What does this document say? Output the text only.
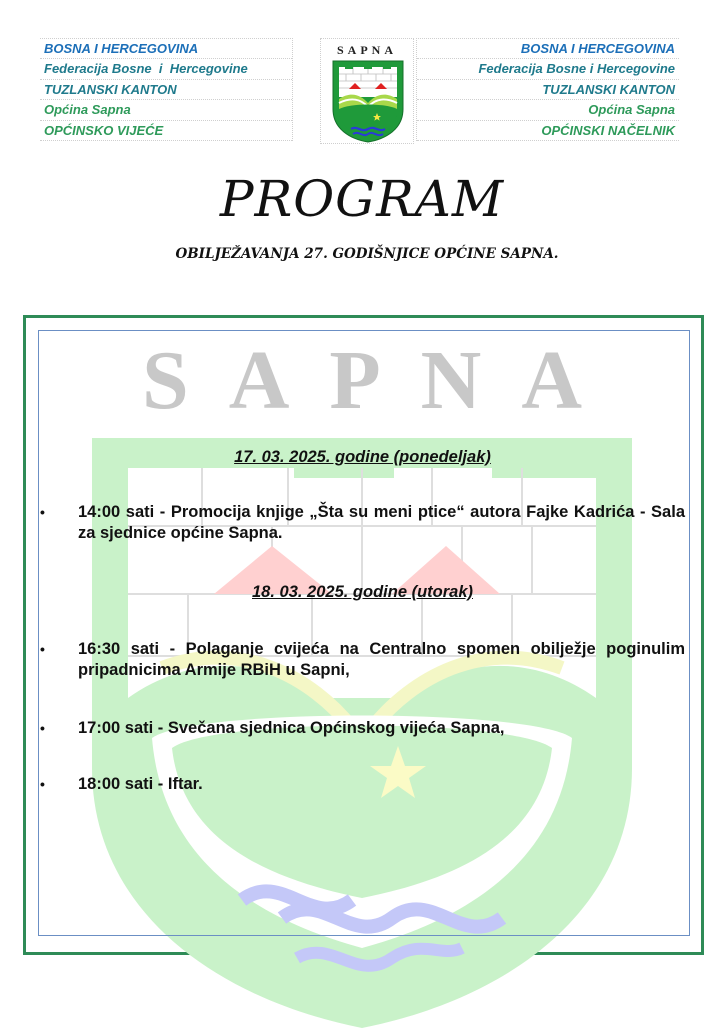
BOSNA I HERCEGOVINA
Federacija Bosne  i  Hercegovine
TUZLANSKI KANTON
Općina Sapna
OPĆINSKO VIJEĆE
SAPNA	BOSNA I HERCEGOVINA
Federacija Bosne i Hercegovine
TUZLANSKI KANTON
Općina Sapna
OPĆINSKI NAČELNIK
PROGRAM
OBILJEŽAVANJA 27. GODIŠNJICE OPĆINE SAPNA.
SAPNA
17. 03. 2025. godine (ponedeljak)
• 14:00 sati - Promocija knjige „Šta su meni ptice“ autora Fajke Kadrića - Sala za sjednice općine Sapna.
18. 03. 2025. godine (utorak)
• 16:30 sati - Polaganje cvijeća na Centralno spomen obilježje poginulim    pripadnicima Armije RBiH u Sapni,
• 17:00 sati - Svečana sjednica Općinskog vijeća Sapna,
• 18:00 sati - Iftar.
